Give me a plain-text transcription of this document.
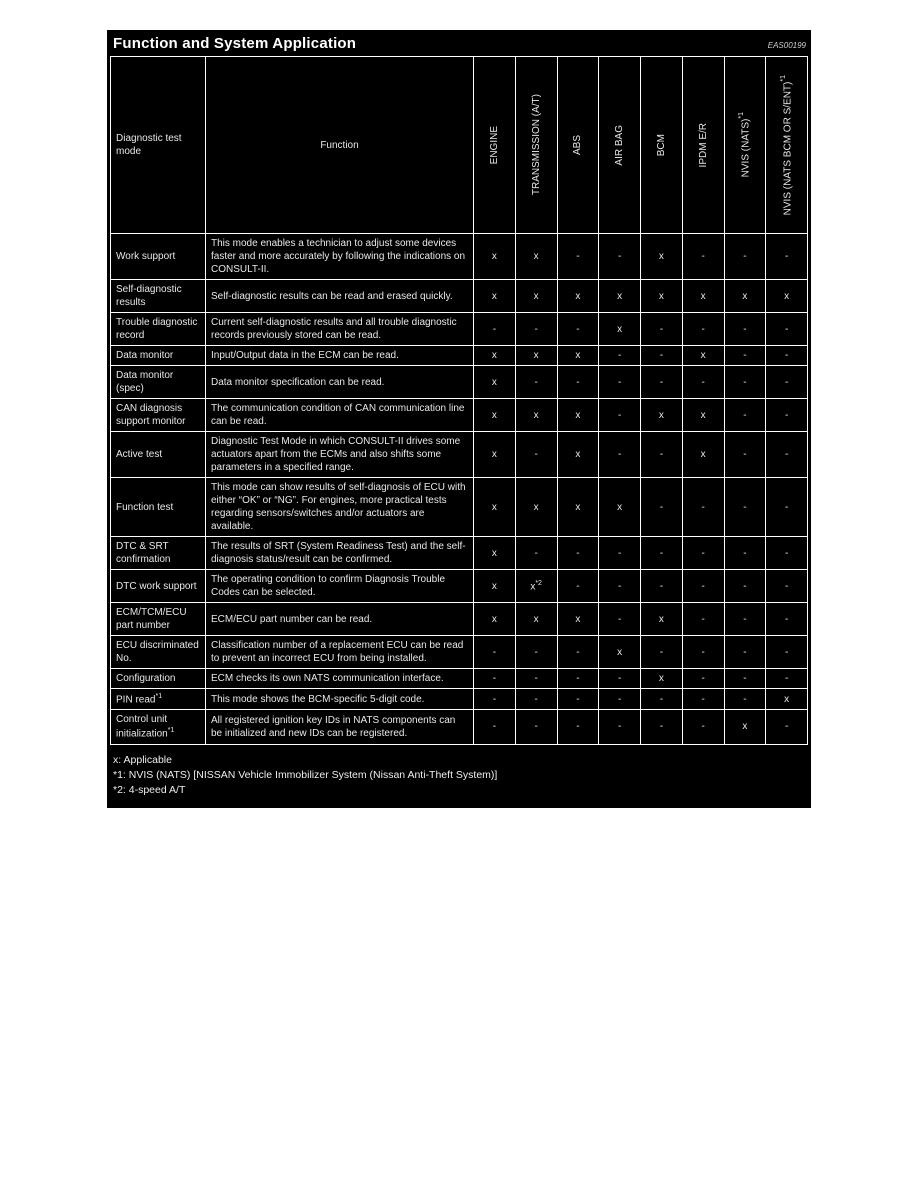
Function and System Application	EAS00199
Diagnostic test mode	Function	ENGINE	TRANSMISSION (A/T)	ABS	AIR BAG	BCM	IPDM E/R	NVIS (NATS)$^{*1}$	NVIS (NATS BCM OR S/ENT)$^{*1}$

Work support	This mode enables a technician to adjust some devices faster and more accurately by following the indications on CONSULT-II.	x	x	-	-	x	-	-	-
Self-diagnostic results	Self-diagnostic results can be read and erased quickly.	x	x	x	x	x	x	x	x
Trouble diagnostic record	Current self-diagnostic results and all trouble diagnostic records previously stored can be read.	-	-	-	x	-	-	-	-
Data monitor	Input/Output data in the ECM can be read.	x	x	x	-	-	x	-	-
Data monitor (spec)	Data monitor specification can be read.	x	-	-	-	-	-	-	-
CAN diagnosis support monitor	The communication condition of CAN communication line can be read.	x	x	x	-	x	x	-	-
Active test	Diagnostic Test Mode in which CONSULT-II drives some actuators apart from the ECMs and also shifts some parameters in a specified range.	x	-	x	-	-	x	-	-
Function test	This mode can show results of self-diagnosis of ECU with either “OK” or “NG”. For engines, more practical tests regarding sensors/switches and/or actuators are available.	x	x	x	x	-	-	-	-
DTC & SRT confirmation	The results of SRT (System Readiness Test) and the self-diagnosis status/result can be confirmed.	x	-	-	-	-	-	-	-
DTC work support	The operating condition to confirm Diagnosis Trouble Codes can be selected.	x	$x^{*2}$	-	-	-	-	-	-
ECM/TCM/ECU part number	ECM/ECU part number can be read.	x	x	x	-	x	-	-	-
ECU discriminated No.	Classification number of a replacement ECU can be read to prevent an incorrect ECU from being installed.	-	-	-	x	-	-	-	-
Configuration	ECM checks its own NATS communication interface.	-	-	-	-	x	-	-	-
PIN read$^{*1}$	This mode shows the BCM-specific 5-digit code.	-	-	-	-	-	-	-	x
Control unit initialization$^{*1}$	All registered ignition key IDs in NATS components can be initialized and new IDs can be registered.	-	-	-	-	-	-	x	-
x: Applicable
*1: NVIS (NATS) [NISSAN Vehicle Immobilizer System (Nissan Anti-Theft System)]
*2: 4-speed A/T
